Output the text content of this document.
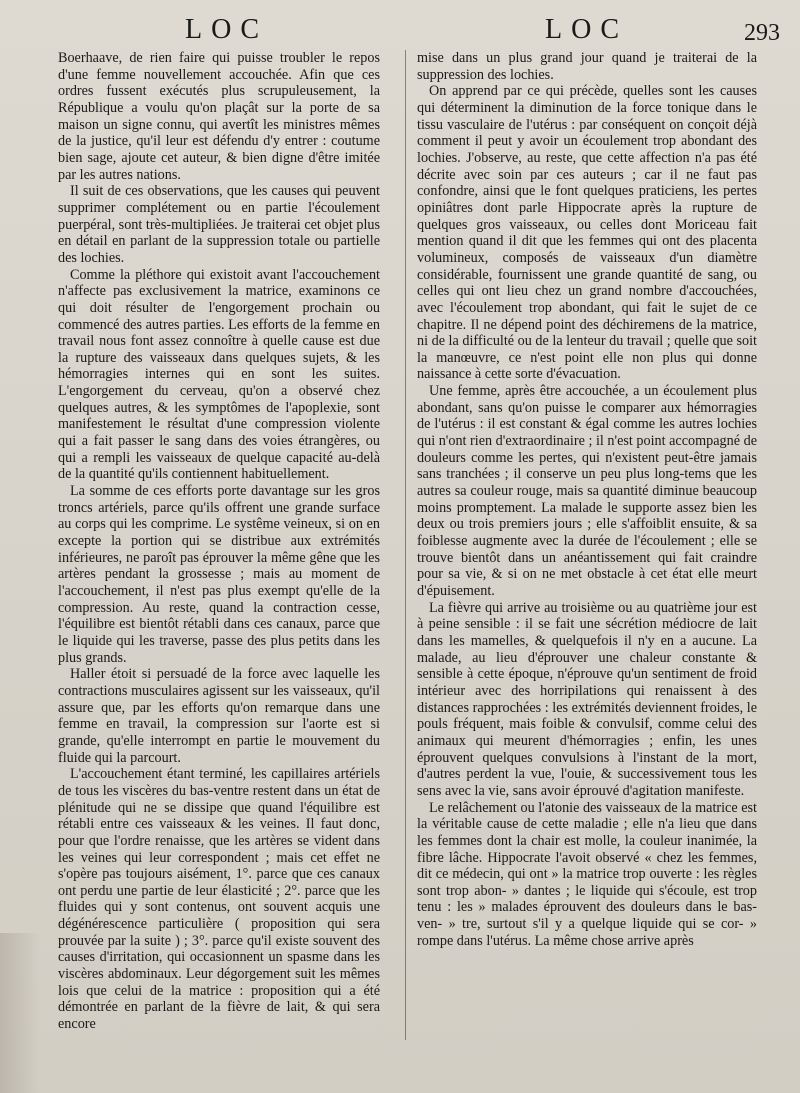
LOC	LOC	293

Boerhaave, de rien faire qui puisse troubler le repos d'une femme nouvellement accouchée. Afin que ces ordres fussent exécutés plus scrupuleusement, la République a voulu qu'on plaçât sur la porte de sa maison un signe connu, qui avertît les ministres mêmes de la justice, qu'il leur est défendu d'y entrer : coutume bien sage, ajoute cet auteur, & bien digne d'être imitée par les autres nations.

Il suit de ces observations, que les causes qui peuvent supprimer complétement ou en partie l'écoulement puerpéral, sont très-multipliées. Je traiterai cet objet plus en détail en parlant de la suppression totale ou partielle des lochies.

Comme la pléthore qui existoit avant l'accouchement n'affecte pas exclusivement la matrice, examinons ce qui doit résulter de l'engorgement prochain ou commencé des autres parties. Les efforts de la femme en travail nous font assez connoître à quelle cause est due la rupture des vaisseaux dans quelques sujets, & les hémorragies internes qui en sont les suites. L'engorgement du cerveau, qu'on a observé chez quelques autres, & les symptômes de l'apoplexie, sont manifestement le résultat d'une compression violente qui a fait passer le sang dans des voies étrangères, ou qui a rempli les vaisseaux de quelque capacité au-delà de la quantité qu'ils contiennent habituellement.

La somme de ces efforts porte davantage sur les gros troncs artériels, parce qu'ils offrent une grande surface au corps qui les comprime. Le systême veineux, si on en excepte la portion qui se distribue aux extrémités inférieures, ne paroît pas éprouver la même gêne que les artères pendant la grossesse ; mais au moment de l'accouchement, il n'est pas plus exempt qu'elle de la compression. Au reste, quand la contraction cesse, l'équilibre est bientôt rétabli dans ces canaux, parce que le liquide qui les traverse, passe des plus petits dans les plus grands.

Haller étoit si persuadé de la force avec laquelle les contractions musculaires agissent sur les vaisseaux, qu'il assure que, par les efforts qu'on remarque dans une femme en travail, la compression sur l'aorte est si grande, qu'elle interrompt en partie le mouvement du fluide qui la parcourt.

L'accouchement étant terminé, les capillaires artériels de tous les viscères du bas-ventre restent dans un état de plénitude qui ne se dissipe que quand l'équilibre est rétabli entre ces vaisseaux & les veines. Il faut donc, pour que l'ordre renaisse, que les artères se vident dans les veines qui leur correspondent ; mais cet effet ne s'opère pas toujours aisément, 1°. parce que ces canaux ont perdu une partie de leur élasticité ; 2°. parce que les fluides qui y sont contenus, ont souvent acquis une dégénérescence particulière ( proposition qui sera prouvée par la suite ) ; 3°. parce qu'il existe souvent des causes d'irritation, qui occasionnent un spasme dans les viscères abdominaux. Leur dégorgement suit les mêmes lois que celui de la matrice : proposition qui a été démontrée en parlant de la fièvre de lait, & qui sera encore

mise dans un plus grand jour quand je traiterai de la suppression des lochies.

On apprend par ce qui précède, quelles sont les causes qui déterminent la diminution de la force tonique dans le tissu vasculaire de l'utérus : par conséquent on conçoit déjà comment il peut y avoir un écoulement trop abondant des lochies. J'observe, au reste, que cette affection n'a pas été décrite avec soin par ces auteurs ; car il ne faut pas confondre, ainsi que le font quelques praticiens, les pertes opiniâtres dont parle Hippocrate après la rupture de quelques gros vaisseaux, ou celles dont Moriceau fait mention quand il dit que les femmes qui ont des placenta volumineux, composés de vaisseaux d'un diamètre considérable, fournissent une grande quantité de sang, ou celles qui ont lieu chez un grand nombre d'accouchées, avec l'écoulement trop abondant, qui fait le sujet de ce chapitre. Il ne dépend point des déchiremens de la matrice, ni de la difficulté ou de la lenteur du travail ; quelle que soit la manœuvre, ce n'est point elle non plus qui donne naissance à cette sorte d'évacuation.

Une femme, après être accouchée, a un écoulement plus abondant, sans qu'on puisse le comparer aux hémorragies de l'utérus : il est constant & égal comme les autres lochies qui n'ont rien d'extraordinaire ; il n'est point accompagné de douleurs comme les pertes, qui n'existent peut-être jamais sans tranchées ; il conserve un peu plus long-tems que les autres sa couleur rouge, mais sa quantité diminue beaucoup moins promptement. La malade le supporte assez bien les deux ou trois premiers jours ; elle s'affoiblit ensuite, & sa foiblesse augmente avec la durée de l'écoulement ; elle se trouve bientôt dans un anéantissement qui fait craindre pour sa vie, & si on ne met obstacle à cet état elle meurt d'épuisement.

La fièvre qui arrive au troisième ou au quatrième jour est à peine sensible : il se fait une sécrétion médiocre de lait dans les mamelles, & quelquefois il n'y en a aucune. La malade, au lieu d'éprouver une chaleur constante & sensible à cette époque, n'éprouve qu'un sentiment de froid intérieur avec des horripilations qui renaissent à des distances rapprochées : les extrémités deviennent froides, le pouls fréquent, mais foible & convulsif, comme celui des animaux qui meurent d'hémorragies ; enfin, les unes éprouvent quelques convulsions à l'instant de la mort, d'autres perdent la vue, l'ouie, & successivement tous les sens avec la vie, sans avoir éprouvé d'agitation manifeste.

Le relâchement ou l'atonie des vaisseaux de la matrice est la véritable cause de cette maladie ; elle n'a lieu que dans les femmes dont la chair est molle, la couleur inanimée, la fibre lâche. Hippocrate l'avoit observé « chez les femmes, dit ce médecin, qui ont » la matrice trop ouverte : les règles sont trop abon- » dantes ; le liquide qui s'écoule, est trop tenu : les » malades éprouvent des douleurs dans le bas-ven- » tre, surtout s'il y a quelque liquide qui se cor- » rompe dans l'utérus. La même chose arrive après
